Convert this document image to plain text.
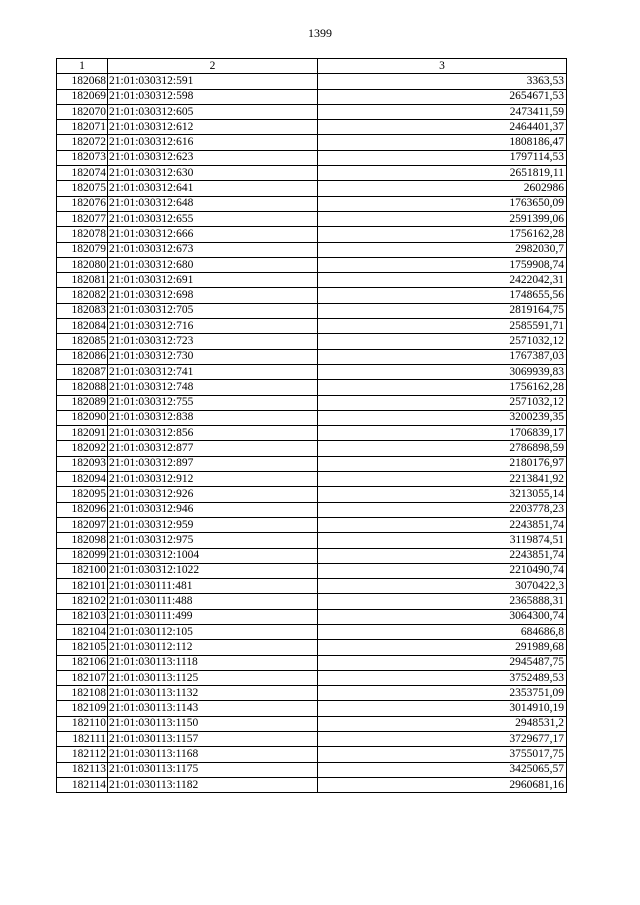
1399
1	2	3
182068	21:01:030312:591	3363,53
182069	21:01:030312:598	2654671,53
182070	21:01:030312:605	2473411,59
182071	21:01:030312:612	2464401,37
182072	21:01:030312:616	1808186,47
182073	21:01:030312:623	1797114,53
182074	21:01:030312:630	2651819,11
182075	21:01:030312:641	2602986
182076	21:01:030312:648	1763650,09
182077	21:01:030312:655	2591399,06
182078	21:01:030312:666	1756162,28
182079	21:01:030312:673	2982030,7
182080	21:01:030312:680	1759908,74
182081	21:01:030312:691	2422042,31
182082	21:01:030312:698	1748655,56
182083	21:01:030312:705	2819164,75
182084	21:01:030312:716	2585591,71
182085	21:01:030312:723	2571032,12
182086	21:01:030312:730	1767387,03
182087	21:01:030312:741	3069939,83
182088	21:01:030312:748	1756162,28
182089	21:01:030312:755	2571032,12
182090	21:01:030312:838	3200239,35
182091	21:01:030312:856	1706839,17
182092	21:01:030312:877	2786898,59
182093	21:01:030312:897	2180176,97
182094	21:01:030312:912	2213841,92
182095	21:01:030312:926	3213055,14
182096	21:01:030312:946	2203778,23
182097	21:01:030312:959	2243851,74
182098	21:01:030312:975	3119874,51
182099	21:01:030312:1004	2243851,74
182100	21:01:030312:1022	2210490,74
182101	21:01:030111:481	3070422,3
182102	21:01:030111:488	2365888,31
182103	21:01:030111:499	3064300,74
182104	21:01:030112:105	684686,8
182105	21:01:030112:112	291989,68
182106	21:01:030113:1118	2945487,75
182107	21:01:030113:1125	3752489,53
182108	21:01:030113:1132	2353751,09
182109	21:01:030113:1143	3014910,19
182110	21:01:030113:1150	2948531,2
182111	21:01:030113:1157	3729677,17
182112	21:01:030113:1168	3755017,75
182113	21:01:030113:1175	3425065,57
182114	21:01:030113:1182	2960681,16
